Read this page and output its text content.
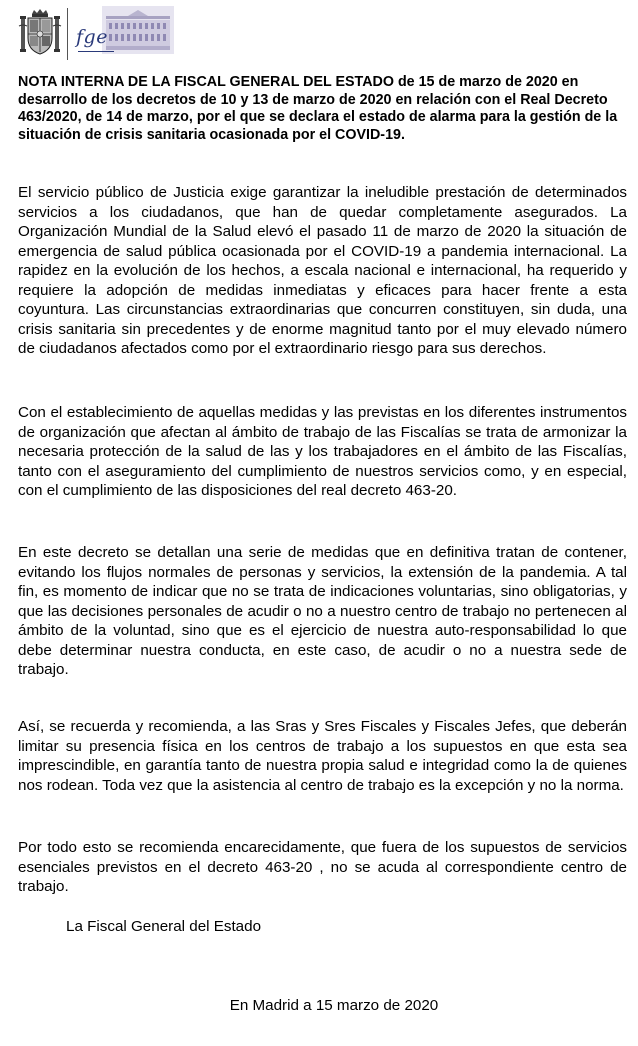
fge

NOTA INTERNA DE LA FISCAL GENERAL DEL ESTADO de 15 de marzo de 2020 en desarrollo de los decretos de 10 y 13 de marzo de 2020 en relación con el Real Decreto 463/2020, de 14 de marzo, por el que se declara el estado de alarma para la gestión de la situación de crisis sanitaria ocasionada por el COVID-19.

El servicio público de Justicia exige garantizar la ineludible prestación de determinados servicios a los ciudadanos, que han de quedar completamente asegurados. La Organización Mundial de la Salud elevó el pasado 11 de marzo de 2020 la situación de emergencia de salud pública ocasionada por el COVID-19 a pandemia internacional. La rapidez en la evolución de los hechos, a escala nacional e internacional, ha requerido y requiere la adopción de medidas inmediatas y eficaces para hacer frente a esta coyuntura. Las circunstancias extraordinarias que concurren constituyen, sin duda, una crisis sanitaria sin precedentes y de enorme magnitud tanto por el muy elevado número de ciudadanos afectados como por el extraordinario riesgo para sus derechos.

Con el establecimiento de aquellas medidas y las previstas en los diferentes instrumentos de organización que afectan al ámbito de trabajo de las Fiscalías se trata de armonizar la necesaria protección de la salud de las y los trabajadores en el ámbito de las Fiscalías, tanto con el aseguramiento del cumplimiento de nuestros servicios como, y en especial, con el cumplimiento de las disposiciones del real decreto 463-20.

En este decreto se detallan una serie de medidas que en definitiva tratan de contener, evitando los flujos normales de personas y servicios, la extensión de la pandemia. A tal fin, es momento de indicar que no se trata de indicaciones voluntarias, sino obligatorias, y que las decisiones personales de acudir o no a nuestro centro de trabajo no pertenecen al ámbito de la voluntad, sino que es el ejercicio de nuestra auto-responsabilidad lo que debe determinar nuestra conducta, en este caso, de acudir o no a nuestra sede de trabajo.

Así, se recuerda y recomienda, a las Sras y Sres Fiscales y Fiscales Jefes, que deberán limitar su presencia física en los centros de trabajo a los supuestos en que esta sea imprescindible, en garantía tanto de nuestra propia salud e integridad como la de quienes nos rodean. Toda vez que la asistencia al centro de trabajo es la excepción y no la norma.

Por todo esto se recomienda encarecidamente, que fuera de los supuestos de servicios esenciales previstos en el decreto 463-20 , no se acuda al correspondiente centro de trabajo.

La Fiscal General del Estado

En Madrid a 15 marzo de 2020
